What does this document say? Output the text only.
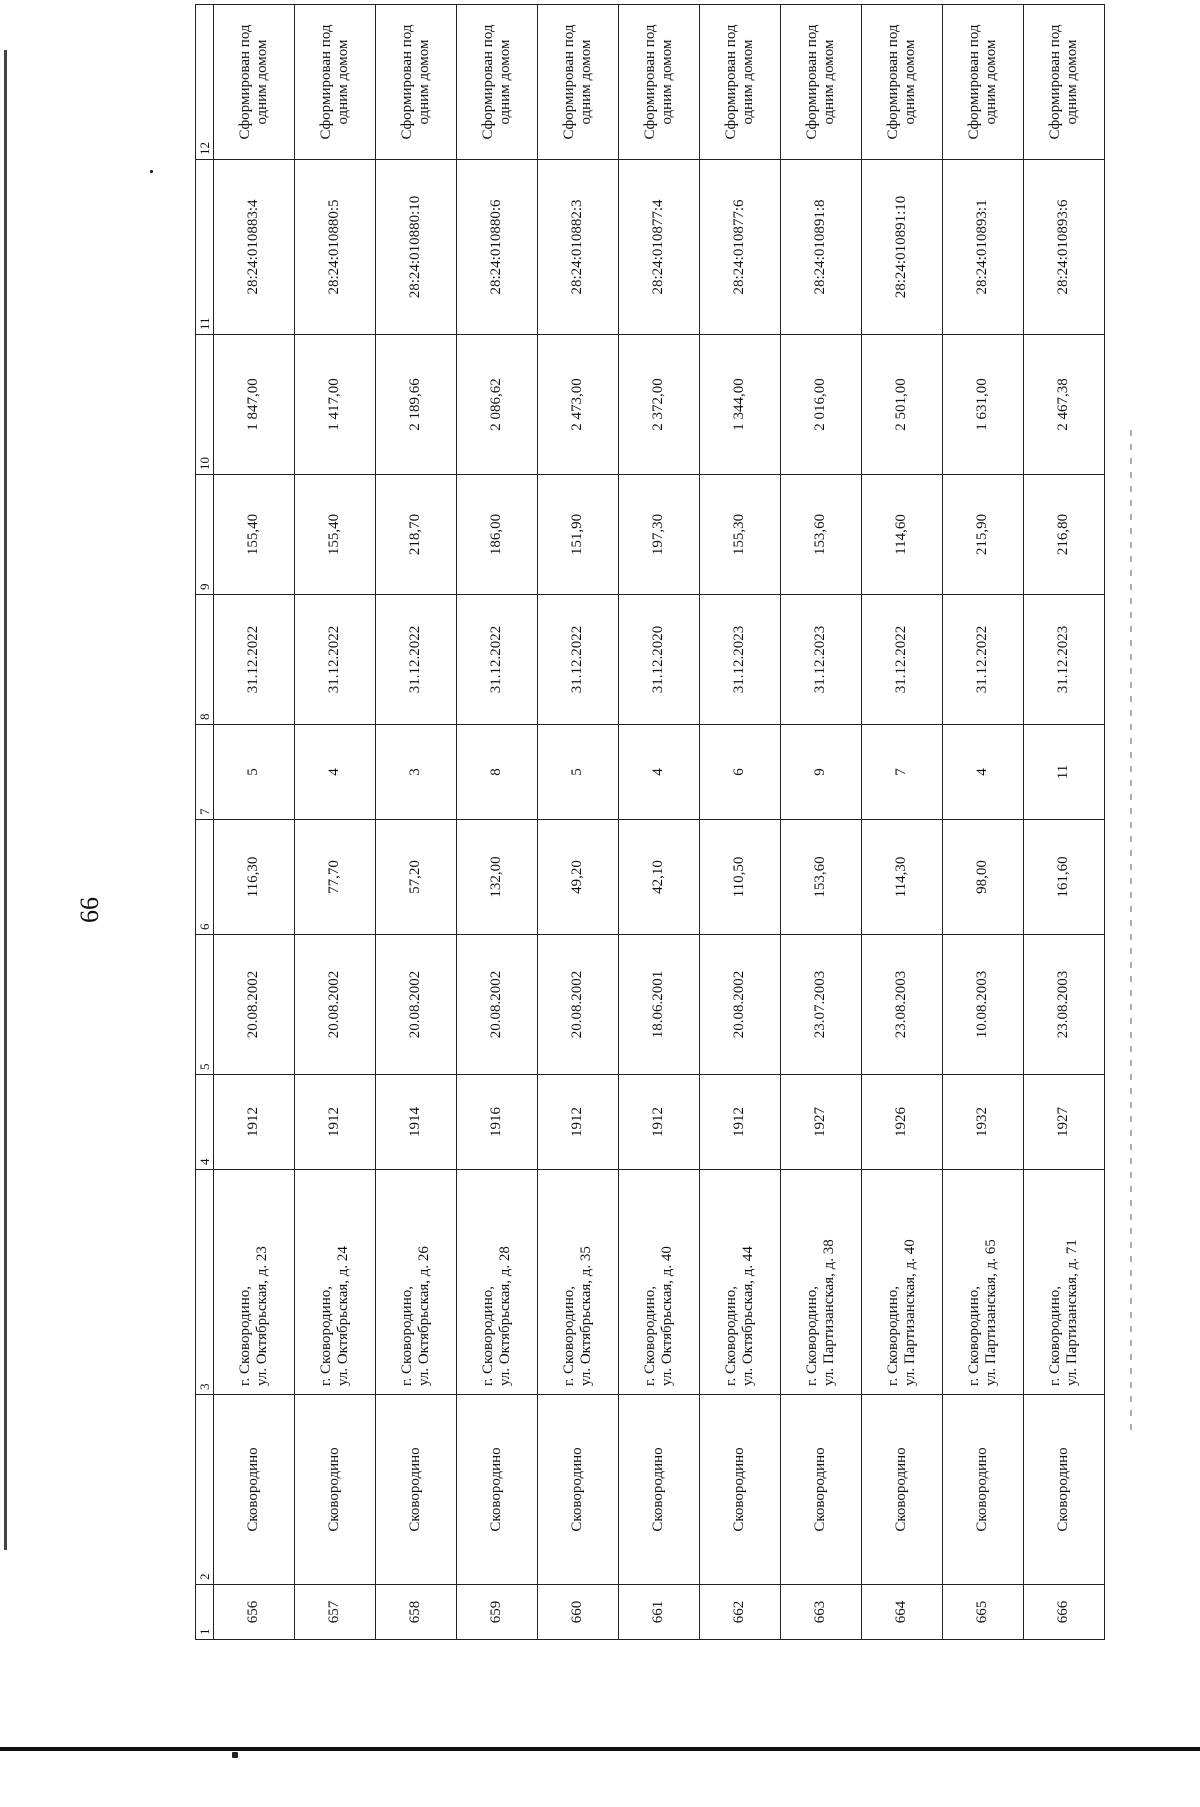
66
1	2	3	4	5	6	7	8	9	10	11	12
656	Сковородино	г. Сковородино, ул. Октябрьская, д. 23	1912	20.08.2002	116,30	5	31.12.2022	155,40	1 847,00	28:24:010883:4	Сформирован под одним домом
657	Сковородино	г. Сковородино, ул. Октябрьская, д. 24	1912	20.08.2002	77,70	4	31.12.2022	155,40	1 417,00	28:24:010880:5	Сформирован под одним домом
658	Сковородино	г. Сковородино, ул. Октябрьская, д. 26	1914	20.08.2002	57,20	3	31.12.2022	218,70	2 189,66	28:24:010880:10	Сформирован под одним домом
659	Сковородино	г. Сковородино, ул. Октябрьская, д. 28	1916	20.08.2002	132,00	8	31.12.2022	186,00	2 086,62	28:24:010880:6	Сформирован под одним домом
660	Сковородино	г. Сковородино, ул. Октябрьская, д. 35	1912	20.08.2002	49,20	5	31.12.2022	151,90	2 473,00	28:24:010882:3	Сформирован под одним домом
661	Сковородино	г. Сковородино, ул. Октябрьская, д. 40	1912	18.06.2001	42,10	4	31.12.2020	197,30	2 372,00	28:24:010877:4	Сформирован под одним домом
662	Сковородино	г. Сковородино, ул. Октябрьская, д. 44	1912	20.08.2002	110,50	6	31.12.2023	155,30	1 344,00	28:24:010877:6	Сформирован под одним домом
663	Сковородино	г. Сковородино, ул. Партизанская, д. 38	1927	23.07.2003	153,60	9	31.12.2023	153,60	2 016,00	28:24:010891:8	Сформирован под одним домом
664	Сковородино	г. Сковородино, ул. Партизанская, д. 40	1926	23.08.2003	114,30	7	31.12.2022	114,60	2 501,00	28:24:010891:10	Сформирован под одним домом
665	Сковородино	г. Сковородино, ул. Партизанская, д. 65	1932	10.08.2003	98,00	4	31.12.2022	215,90	1 631,00	28:24:010893:1	Сформирован под одним домом
666	Сковородино	г. Сковородино, ул. Партизанская, д. 71	1927	23.08.2003	161,60	11	31.12.2023	216,80	2 467,38	28:24:010893:6	Сформирован под одним домом
